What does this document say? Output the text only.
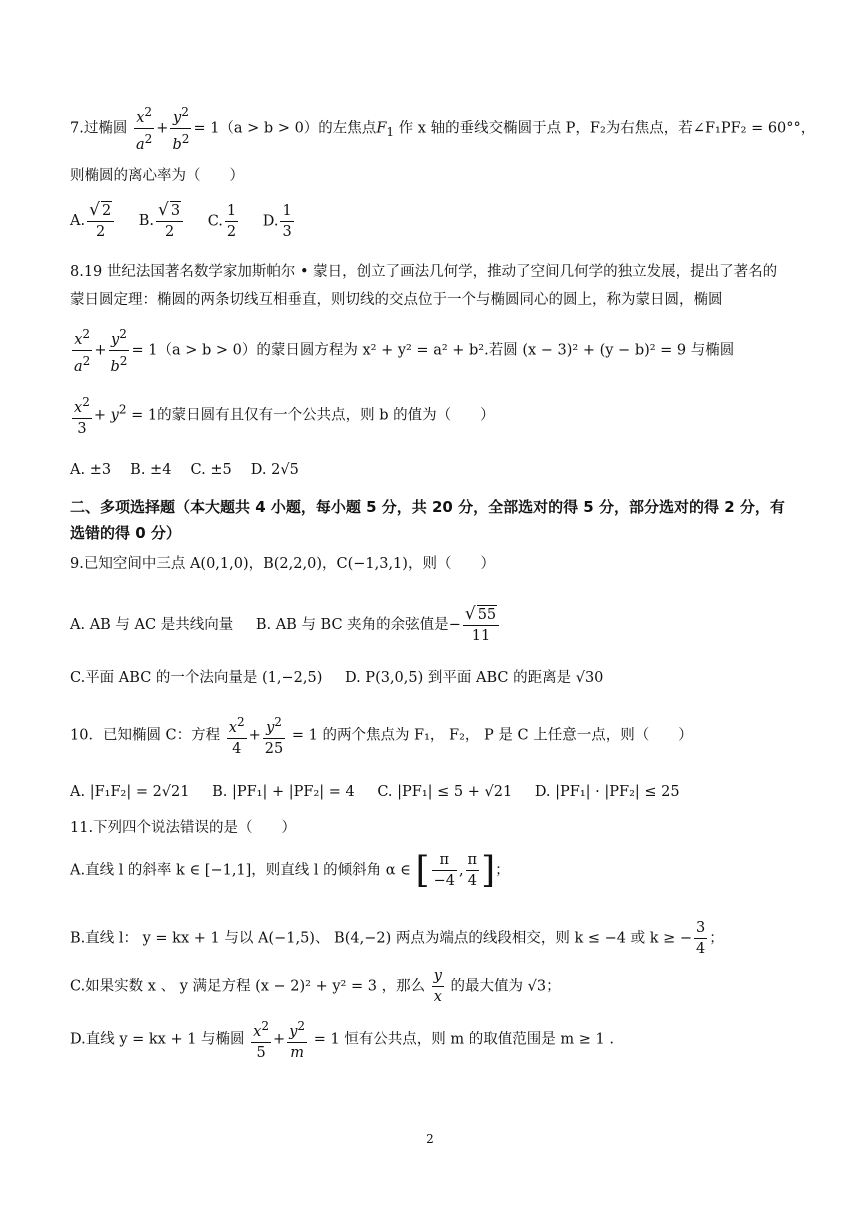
7.过椭圆 $\frac{x^2}{a^2} + \frac{y^2}{b^2} = 1(a > b > 0)$的左焦点$F_1$ 作 x 轴的垂线交椭圆于点 P，F₂为右焦点，若∠F₁PF₂ = 60°°，
则椭圆的离心率为（　　）
A. $\frac{√ 2}{2} B$. $\frac{√ 3}{2} C$. $\frac{1}{2} D$. $\frac{1}{3}$
8.19 世纪法国著名数学家加斯帕尔 • 蒙日，创立了画法几何学，推动了空间几何学的独立发展，提出了著名的
蒙日圆定理：椭圆的两条切线互相垂直，则切线的交点位于一个与椭圆同心的圆上，称为蒙日圆，椭圆
$\frac{x^2}{a^2} + \frac{y^2}{b^2} = 1(a > b > 0)$的蒙日圆方程为 x² + y² = a² + b².若圆 (x − 3)² + (y − b)² = 9 与椭圆
$\frac{x^2}{3} + y^2 = 1$的蒙日圆有且仅有一个公共点，则 b 的值为（　　）
A. ±3　 B. ±4　 C. ±5　 D. 2√5
二、多项选择题（本大题共 4 小题，每小题 5 分，共 20 分，全部选对的得 5 分，部分选对的得 2 分，有选错的得 0 分）
9.已知空间中三点 A(0,1,0)，B(2,2,0)，C(−1,3,1)，则（　　）
A. AB 与 AC 是共线向量 B. AB 与 BC 夹角的余弦值是− $\frac{√ 55}{11}$
C.平面 ABC 的一个法向量是 (1,−2,5) D. P(3,0,5) 到平面 ABC 的距离是 √30
10．已知椭圆 C：方程 $\frac{x^2}{4} + \frac{y^2}{25} = 1$ 的两个焦点为 F₁， F₂， P 是 C 上任意一点，则（　　）
A. |F₁F₂| = 2√21 B. |PF₁| + |PF₂| = 4 C. |PF₁| ≤ 5 + √21 D. |PF₁| · |PF₂| ≤ 25
11.下列四个说法错误的是（　　）
A.直线 l 的斜率 k ∈ [−1,1]，则直线 l 的倾斜角 α ∈ [ $\frac{\pi}{-4}$ , $\frac{\pi}{4}$ ]；
B.直线 l： y = kx + 1 与以 A(−1,5)、 B(4,−2) 两点为端点的线段相交，则 k ≤ −4 或 k ≥ − $\frac{3}{4}$ ；
C.如果实数 x 、 y 满足方程 (x − 2)² + y² = 3 ，那么 $\frac{y}{x}$ 的最大值为 √3；
D.直线 y = kx + 1 与椭圆 $\frac{x^2}{5} + \frac{y^2}{m} = 1$ 恒有公共点，则 m 的取值范围是 m ≥ 1 .
2
